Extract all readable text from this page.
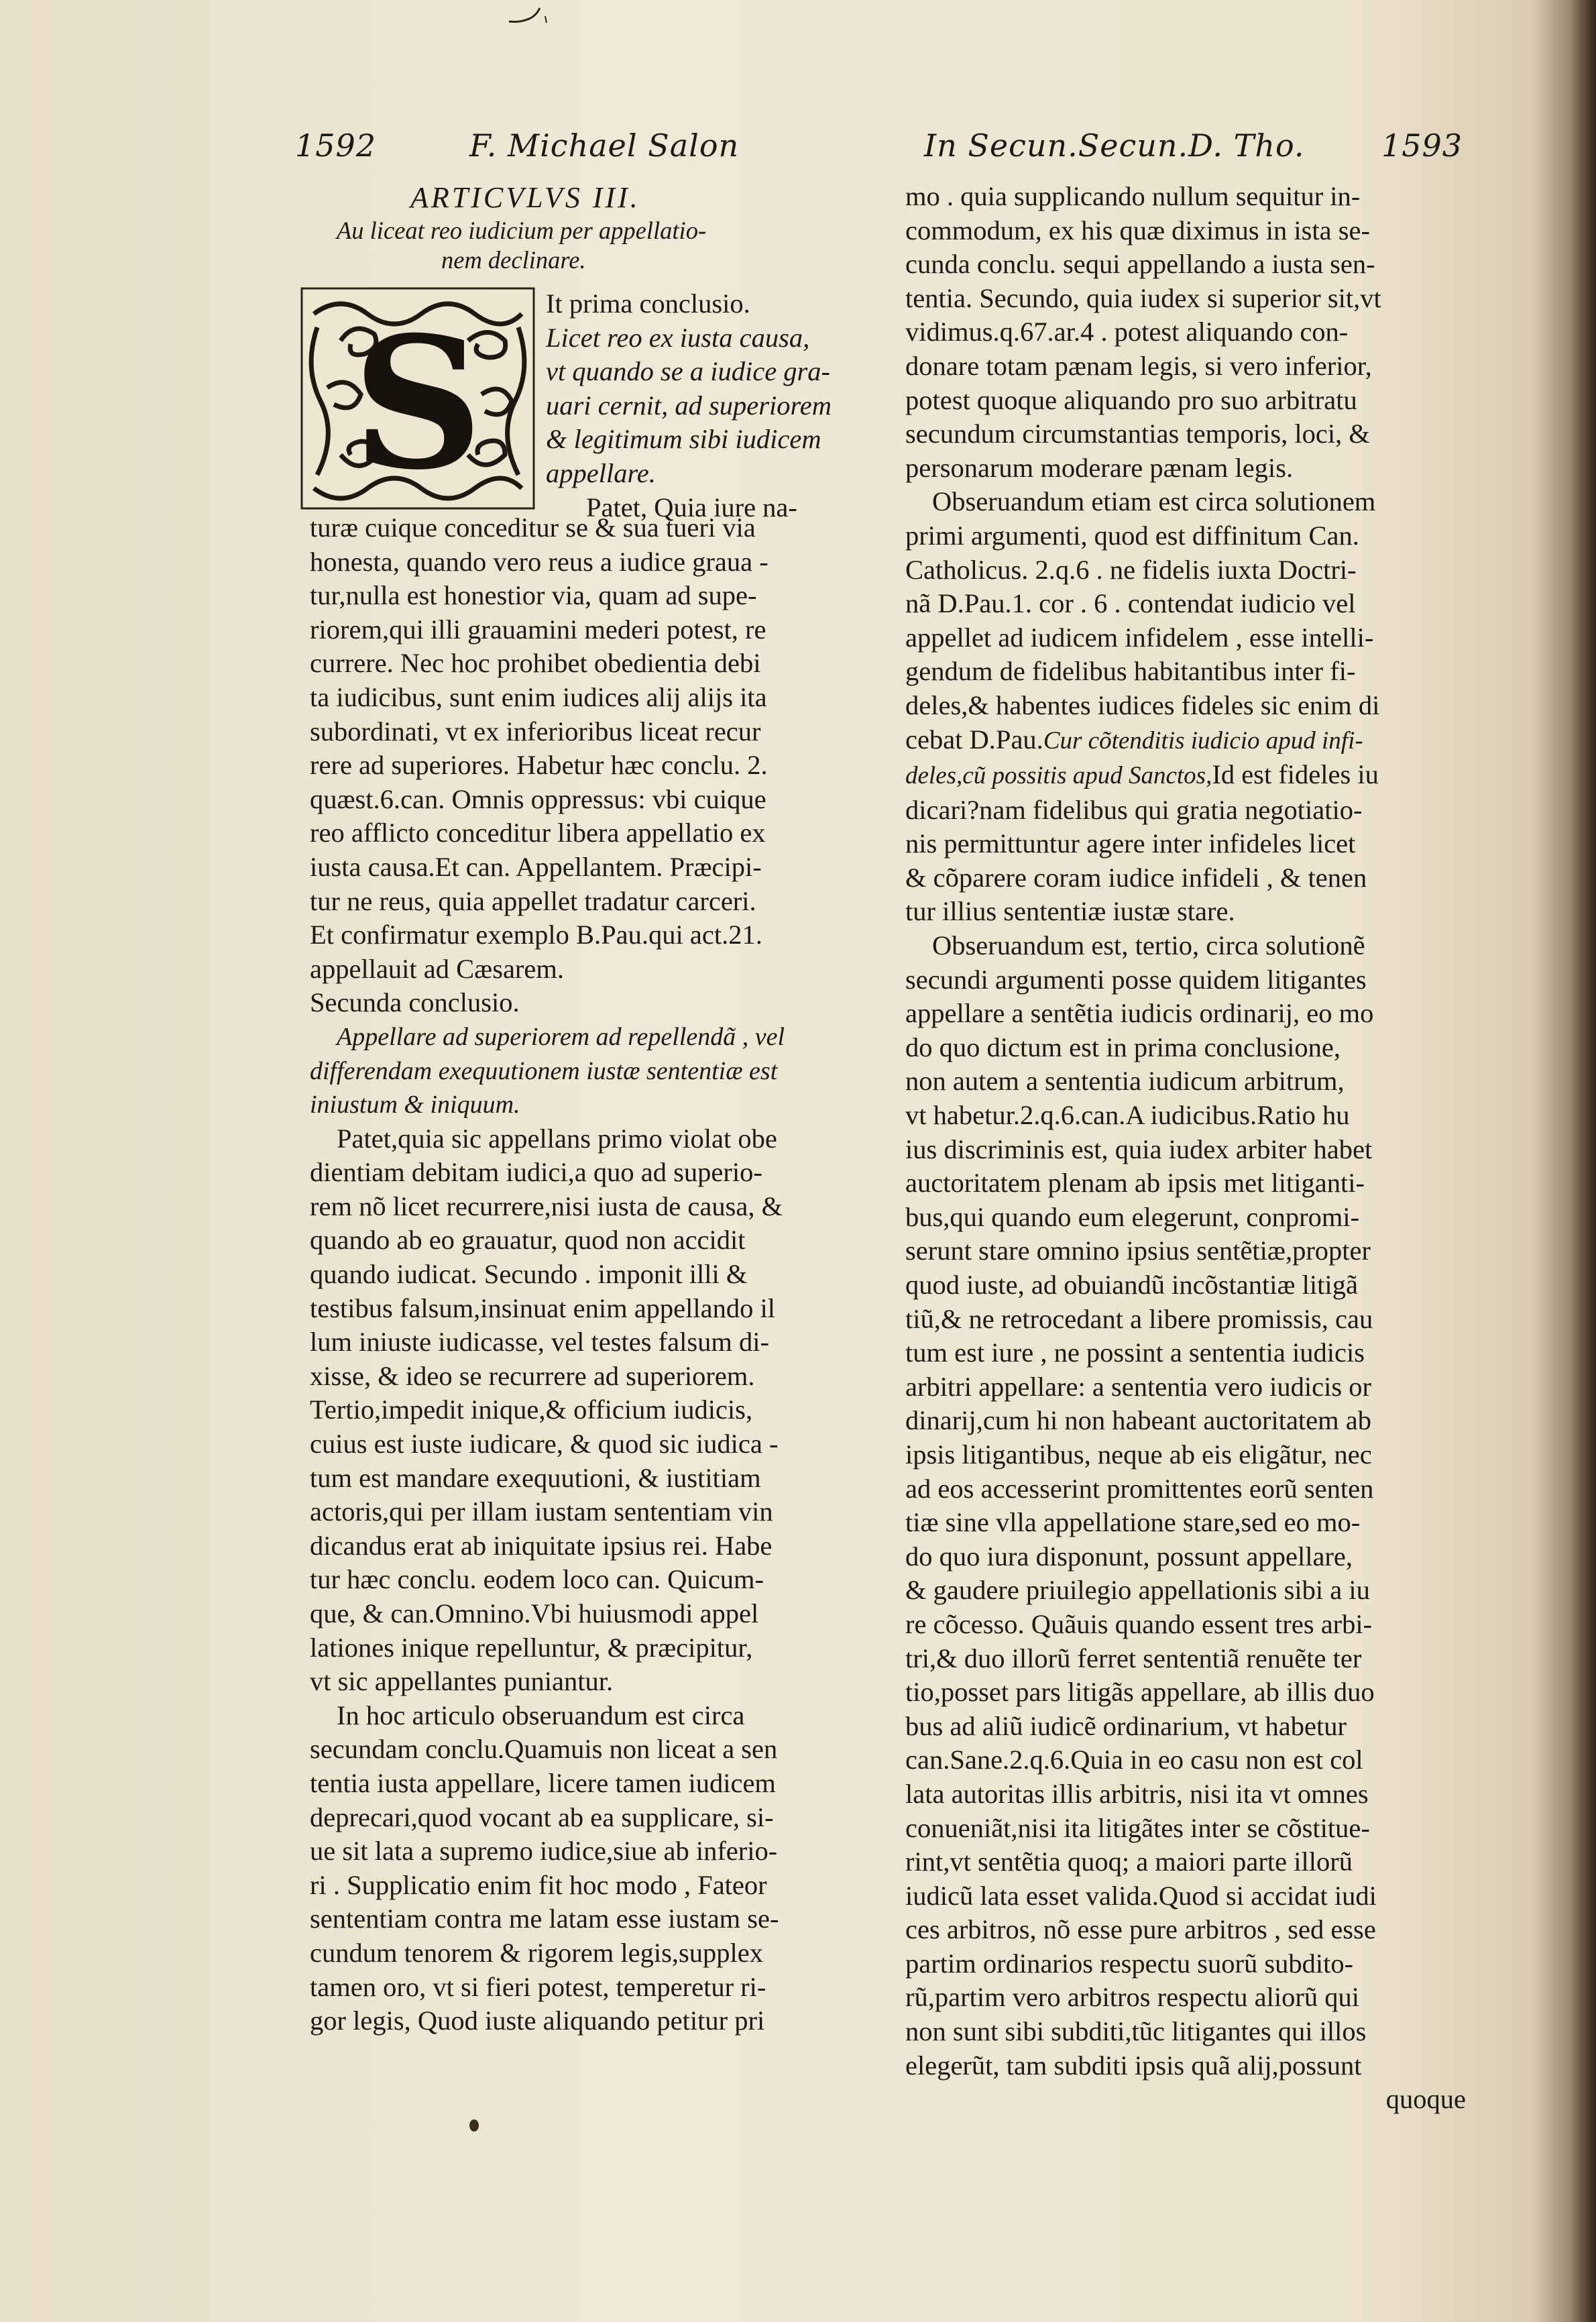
1592	F. Michael Salon	In Secun.Secun.D. Tho. 1593

ARTICVLVS III.

Au liceat reo iudicium per appellatio-

nem declinare.

S It prima conclusio.

Licet reo ex iusta causa,

vt quando se a iudice gra-

uari cernit, ad superiorem

& legitimum sibi iudicem

appellare.

Patet, Quia iure na-

turæ cuique conceditur se & sua tueri via
honesta, quando vero reus a iudice graua -
tur,nulla est honestior via, quam ad supe-
riorem,qui illi grauamini mederi potest, re
currere. Nec hoc prohibet obedientia debi
ta iudicibus, sunt enim iudices alij alijs ita
subordinati, vt ex inferioribus liceat recur
rere ad superiores. Habetur hæc conclu. 2.
quæst.6.can. Omnis oppressus: vbi cuique
reo afflicto conceditur libera appellatio ex
iusta causa.Et can. Appellantem. Præcipi-
tur ne reus, quia appellet tradatur carceri.
Et confirmatur exemplo B.Pau.qui act.21.
appellauit ad Cæsarem.
Secunda conclusio.
Appellare ad superiorem ad repellendã , vel
differendam exequutionem iustæ sententiæ est
iniustum & iniquum.
Patet,quia sic appellans primo violat obe
dientiam debitam iudici,a quo ad superio-
rem nõ licet recurrere,nisi iusta de causa, &
quando ab eo grauatur, quod non accidit
quando iudicat. Secundo . imponit illi &
testibus falsum,insinuat enim appellando il
lum iniuste iudicasse, vel testes falsum di-
xisse, & ideo se recurrere ad superiorem.
Tertio,impedit inique,& officium iudicis,
cuius est iuste iudicare, & quod sic iudica -
tum est mandare exequutioni, & iustitiam
actoris,qui per illam iustam sententiam vin
dicandus erat ab iniquitate ipsius rei. Habe
tur hæc conclu. eodem loco can. Quicum-
que, & can.Omnino.Vbi huiusmodi appel
lationes inique repelluntur, & præcipitur,
vt sic appellantes puniantur.
In hoc articulo obseruandum est circa
secundam conclu.Quamuis non liceat a sen
tentia iusta appellare, licere tamen iudicem
deprecari,quod vocant ab ea supplicare, si-
ue sit lata a supremo iudice,siue ab inferio-
ri . Supplicatio enim fit hoc modo , Fateor
sententiam contra me latam esse iustam se-
cundum tenorem & rigorem legis,supplex
tamen oro, vt si fieri potest, temperetur ri-
gor legis, Quod iuste aliquando petitur pri
mo . quia supplicando nullum sequitur in-
commodum, ex his quæ diximus in ista se-
cunda conclu. sequi appellando a iusta sen-
tentia. Secundo, quia iudex si superior sit,vt
vidimus.q.67.ar.4 . potest aliquando con-
donare totam pænam legis, si vero inferior,
potest quoque aliquando pro suo arbitratu
secundum circumstantias temporis, loci, &
personarum moderare pænam legis.
Obseruandum etiam est circa solutionem
primi argumenti, quod est diffinitum Can.
Catholicus. 2.q.6 . ne fidelis iuxta Doctri-
nã D.Pau.1. cor . 6 . contendat iudicio vel
appellet ad iudicem infidelem , esse intelli-
gendum de fidelibus habitantibus inter fi-
deles,& habentes iudices fideles sic enim di
cebat D.Pau.Cur cõtenditis iudicio apud infi-
deles,cũ possitis apud Sanctos,Id est fideles iu
dicari?nam fidelibus qui gratia negotiatio-
nis permittuntur agere inter infideles licet
& cõparere coram iudice infideli , & tenen
tur illius sententiæ iustæ stare.
Obseruandum est, tertio, circa solutionẽ
secundi argumenti posse quidem litigantes
appellare a sentẽtia iudicis ordinarij, eo mo
do quo dictum est in prima conclusione,
non autem a sententia iudicum arbitrum,
vt habetur.2.q.6.can.A iudicibus.Ratio hu
ius discriminis est, quia iudex arbiter habet
auctoritatem plenam ab ipsis met litiganti-
bus,qui quando eum elegerunt, conpromi-
serunt stare omnino ipsius sentẽtiæ,propter
quod iuste, ad obuiandũ incõstantiæ litigã
tiũ,& ne retrocedant a libere promissis, cau
tum est iure , ne possint a sententia iudicis
arbitri appellare: a sententia vero iudicis or
dinarij,cum hi non habeant auctoritatem ab
ipsis litigantibus, neque ab eis eligãtur, nec
ad eos accesserint promittentes eorũ senten
tiæ sine vlla appellatione stare,sed eo mo-
do quo iura disponunt, possunt appellare,
& gaudere priuilegio appellationis sibi a iu
re cõcesso. Quãuis quando essent tres arbi-
tri,& duo illorũ ferret sententiã renuẽte ter
tio,posset pars litigãs appellare, ab illis duo
bus ad aliũ iudicẽ ordinarium, vt habetur
can.Sane.2.q.6.Quia in eo casu non est col
lata autoritas illis arbitris, nisi ita vt omnes
conueniãt,nisi ita litigãtes inter se cõstitue-
rint,vt sentẽtia quoq; a maiori parte illorũ
iudicũ lata esset valida.Quod si accidat iudi
ces arbitros, nõ esse pure arbitros , sed esse
partim ordinarios respectu suorũ subdito-
rũ,partim vero arbitros respectu aliorũ qui
non sunt sibi subditi,tũc litigantes qui illos
elegerũt, tam subditi ipsis quã alij,possunt
quoque
